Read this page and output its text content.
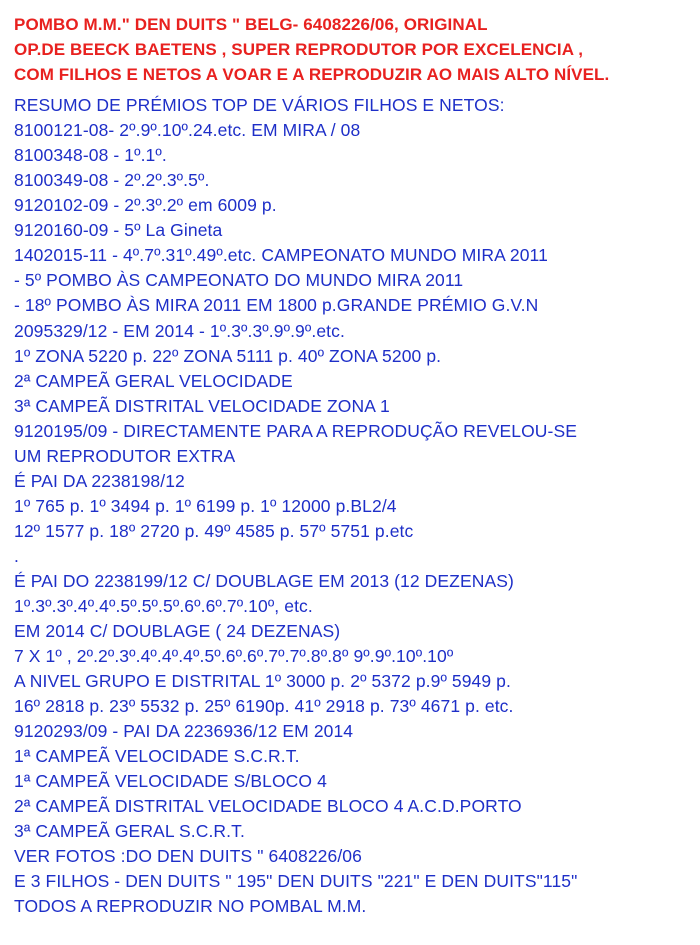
POMBO M.M." DEN DUITS " BELG- 6408226/06, ORIGINAL
OP.DE BEECK BAETENS , SUPER REPRODUTOR POR EXCELENCIA ,
COM FILHOS E NETOS A VOAR E A REPRODUZIR AO MAIS ALTO NÍVEL.
RESUMO DE PRÉMIOS TOP DE VÁRIOS FILHOS E NETOS:
8100121-08- 2º.9º.10º.24.etc. EM MIRA / 08
8100348-08 - 1º.1º.
8100349-08 - 2º.2º.3º.5º.
9120102-09 - 2º.3º.2º em 6009 p.
9120160-09 - 5º La Gineta
1402015-11 - 4º.7º.31º.49º.etc. CAMPEONATO MUNDO MIRA 2011
- 5º POMBO ÀS CAMPEONATO DO MUNDO MIRA 2011
- 18º POMBO ÀS MIRA 2011 EM 1800 p.GRANDE PRÉMIO G.V.N
2095329/12 - EM 2014 - 1º.3º.3º.9º.9º.etc.
1º ZONA 5220 p. 22º ZONA 5111 p. 40º ZONA 5200 p.
2ª CAMPEÃ GERAL VELOCIDADE
3ª CAMPEÃ DISTRITAL VELOCIDADE ZONA 1
9120195/09 - DIRECTAMENTE PARA A REPRODUÇÃO REVELOU-SE
UM REPRODUTOR EXTRA
É PAI DA 2238198/12
1º 765 p. 1º 3494 p. 1º 6199 p. 1º 12000 p.BL2/4
12º 1577 p. 18º 2720 p. 49º 4585 p. 57º 5751 p.etc
.
É PAI DO 2238199/12 C/ DOUBLAGE EM 2013 (12 DEZENAS)
1º.3º.3º.4º.4º.5º.5º.5º.6º.6º.7º.10º, etc.
EM 2014 C/ DOUBLAGE ( 24 DEZENAS)
7 X 1º , 2º.2º.3º.4º.4º.4º.5º.6º.6º.7º.7º.8º.8º 9º.9º.10º.10º
A NIVEL GRUPO E DISTRITAL 1º 3000 p. 2º 5372 p.9º 5949 p.
16º 2818 p. 23º 5532 p. 25º 6190p. 41º 2918 p. 73º 4671 p. etc.
9120293/09 - PAI DA 2236936/12 EM 2014
1ª CAMPEÃ VELOCIDADE S.C.R.T.
1ª CAMPEÃ VELOCIDADE S/BLOCO 4
2ª CAMPEÃ DISTRITAL VELOCIDADE BLOCO 4 A.C.D.PORTO
3ª CAMPEÃ GERAL S.C.R.T.
VER FOTOS :DO DEN DUITS " 6408226/06
E 3 FILHOS - DEN DUITS " 195" DEN DUITS "221" E DEN DUITS"115"
TODOS A REPRODUZIR NO POMBAL M.M.
